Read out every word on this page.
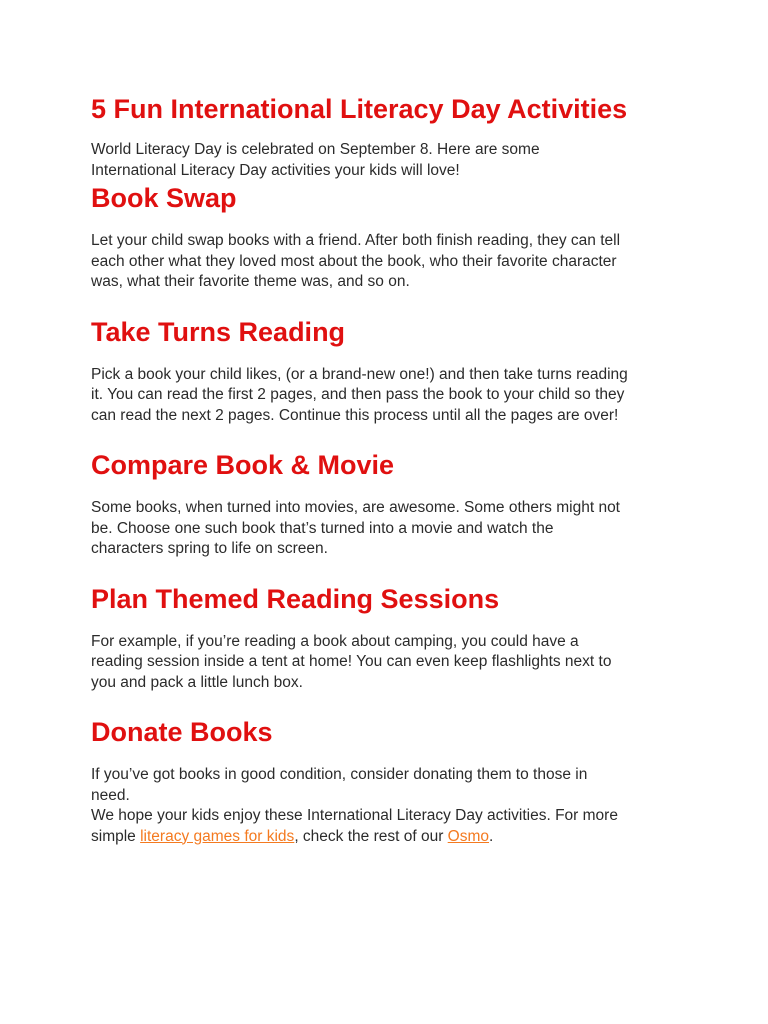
5 Fun International Literacy Day Activities

World Literacy Day is celebrated on September 8. Here are some
International Literacy Day activities your kids will love!

Book Swap

Let your child swap books with a friend. After both finish reading, they can tell
each other what they loved most about the book, who their favorite character
was, what their favorite theme was, and so on.

Take Turns Reading

Pick a book your child likes, (or a brand-new one!) and then take turns reading
it. You can read the first 2 pages, and then pass the book to your child so they
can read the next 2 pages. Continue this process until all the pages are over!

Compare Book & Movie

Some books, when turned into movies, are awesome. Some others might not
be. Choose one such book that’s turned into a movie and watch the
characters spring to life on screen.

Plan Themed Reading Sessions

For example, if you’re reading a book about camping, you could have a
reading session inside a tent at home! You can even keep flashlights next to
you and pack a little lunch box.

Donate Books

If you’ve got books in good condition, consider donating them to those in
need.
We hope your kids enjoy these International Literacy Day activities. For more
simple literacy games for kids, check the rest of our Osmo.
